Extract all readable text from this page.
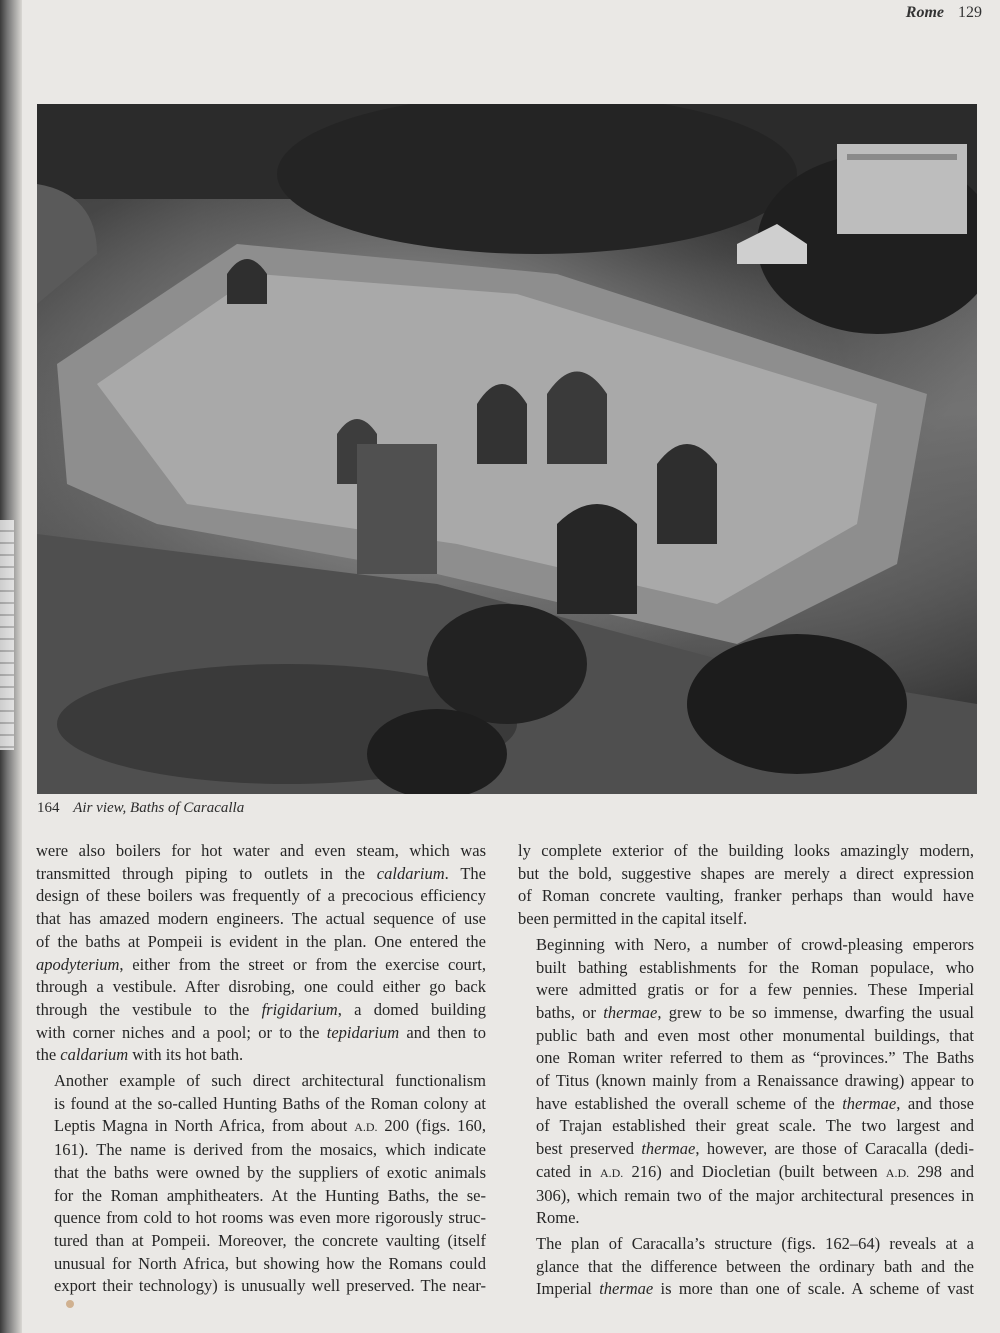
Rome 129
164 Air view, Baths of Caracalla

were also boilers for hot water and even steam, which was
transmitted through piping to outlets in the caldarium. The
design of these boilers was frequently of a precocious efficiency
that has amazed modern engineers. The actual sequence of use
of the baths at Pompeii is evident in the plan. One entered the
apodyterium, either from the street or from the exercise court,
through a vestibule. After disrobing, one could either go back
through the vestibule to the frigidarium, a domed building
with corner niches and a pool; or to the tepidarium and then to
the caldarium with its hot bath.

Another example of such direct architectural functionalism
is found at the so-called Hunting Baths of the Roman colony at
Leptis Magna in North Africa, from about A.D. 200 (figs. 160,
161). The name is derived from the mosaics, which indicate
that the baths were owned by the suppliers of exotic animals
for the Roman amphitheaters. At the Hunting Baths, the se-
quence from cold to hot rooms was even more rigorously struc-
tured than at Pompeii. Moreover, the concrete vaulting (itself
unusual for North Africa, but showing how the Romans could
export their technology) is unusually well preserved. The near-

ly complete exterior of the building looks amazingly modern,
but the bold, suggestive shapes are merely a direct expression
of Roman concrete vaulting, franker perhaps than would have
been permitted in the capital itself.

Beginning with Nero, a number of crowd-pleasing emperors
built bathing establishments for the Roman populace, who
were admitted gratis or for a few pennies. These Imperial
baths, or thermae, grew to be so immense, dwarfing the usual
public bath and even most other monumental buildings, that
one Roman writer referred to them as “provinces.” The Baths
of Titus (known mainly from a Renaissance drawing) appear to
have established the overall scheme of the thermae, and those
of Trajan established their great scale. The two largest and
best preserved thermae, however, are those of Caracalla (dedi-
cated in A.D. 216) and Diocletian (built between A.D. 298 and
306), which remain two of the major architectural presences in
Rome.

The plan of Caracalla’s structure (figs. 162–64) reveals at a
glance that the difference between the ordinary bath and the
Imperial thermae is more than one of scale. A scheme of vast
